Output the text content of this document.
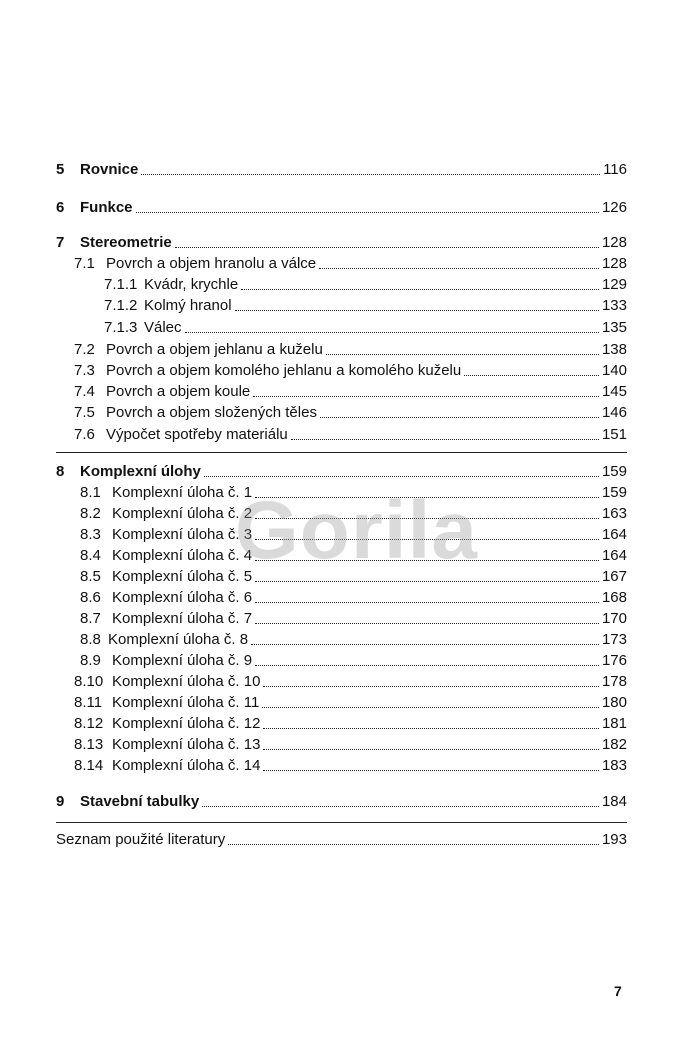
5	Rovnice	116
6	Funkce	126
7	Stereometrie	128
7.1 Povrch a objem hranolu a válce	128
7.1.1 Kvádr, krychle	129
7.1.2 Kolmý hranol	133
7.1.3 Válec	135
7.2 Povrch a objem jehlanu a kuželu	138
7.3 Povrch a objem komolého jehlanu a komolého kuželu	140
7.4 Povrch a objem koule	145
7.5 Povrch a objem složených těles	146
7.6 Výpočet spotřeby materiálu	151
8	Komplexní úlohy	159
8.1 Komplexní úloha č. 1	159
8.2 Komplexní úloha č. 2	163
8.3 Komplexní úloha č. 3	164
8.4 Komplexní úloha č. 4	164
8.5 Komplexní úloha č. 5	167
8.6 Komplexní úloha č. 6	168
8.7 Komplexní úloha č. 7	170
8.8 Komplexní úloha č. 8	173
8.9 Komplexní úloha č. 9	176
8.10 Komplexní úloha č. 10	178
8.11 Komplexní úloha č. 11	180
8.12 Komplexní úloha č. 12	181
8.13 Komplexní úloha č. 13	182
8.14 Komplexní úloha č. 14	183
9	Stavební tabulky	184
Seznam použité literatury	193
Gorila
7
